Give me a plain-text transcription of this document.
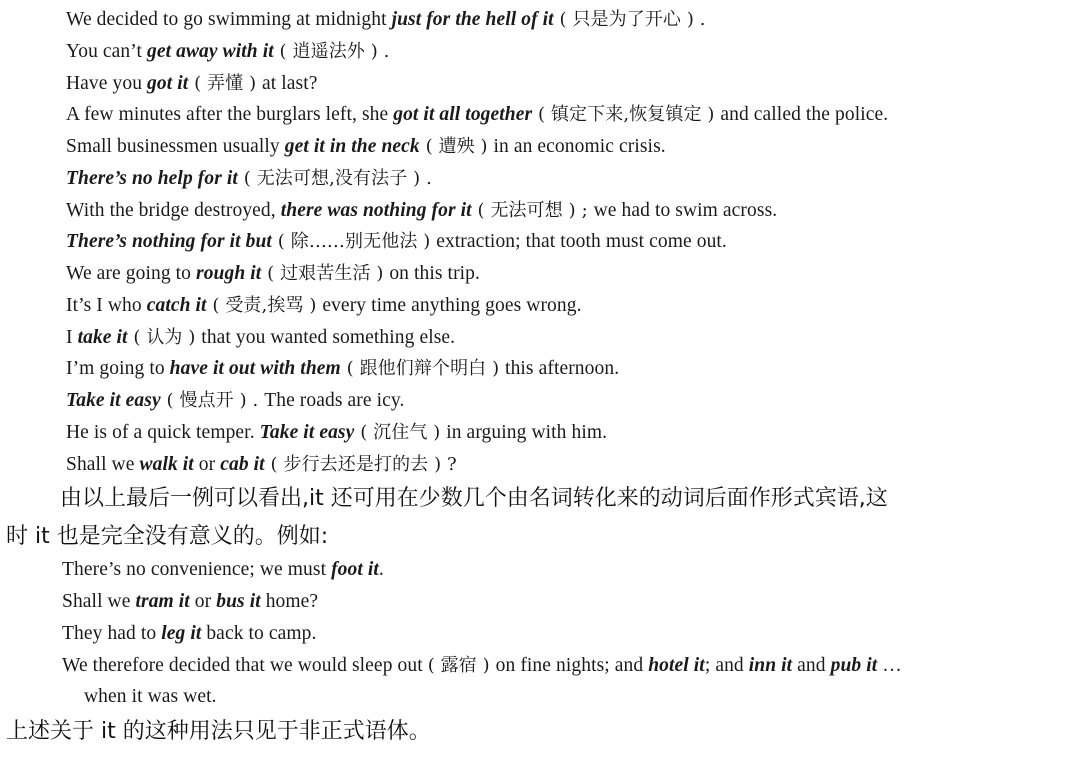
We decided to go swimming at midnight just for the hell of it ( 只是为了开心 ) .
You can’t get away with it ( 逍遥法外 ) .
Have you got it ( 弄懂 ) at last?
A few minutes after the burglars left, she got it all together ( 镇定下来,恢复镇定 ) and called the police.
Small businessmen usually get it in the neck ( 遭殃 ) in an economic crisis.
There’s no help for it ( 无法可想,没有法子 ) .
With the bridge destroyed, there was nothing for it ( 无法可想 ) ; we had to swim across.
There’s nothing for it but ( 除……别无他法 ) extraction; that tooth must come out.
We are going to rough it ( 过艰苦生活 ) on this trip.
It’s I who catch it ( 受责,挨骂 ) every time anything goes wrong.
I take it ( 认为 ) that you wanted something else.
I’m going to have it out with them ( 跟他们辩个明白 ) this afternoon.
Take it easy ( 慢点开 ) . The roads are icy.
He is of a quick temper. Take it easy ( 沉住气 ) in arguing with him.
Shall we walk it or cab it ( 步行去还是打的去 ) ?
由以上最后一例可以看出,it 还可用在少数几个由名词转化来的动词后面作形式宾语,这
时 it 也是完全没有意义的。例如:
There’s no convenience; we must foot it.
Shall we tram it or bus it home?
They had to leg it back to camp.
We therefore decided that we would sleep out ( 露宿 ) on fine nights; and hotel it; and inn it and pub it …
when it was wet.
上述关于 it 的这种用法只见于非正式语体。
